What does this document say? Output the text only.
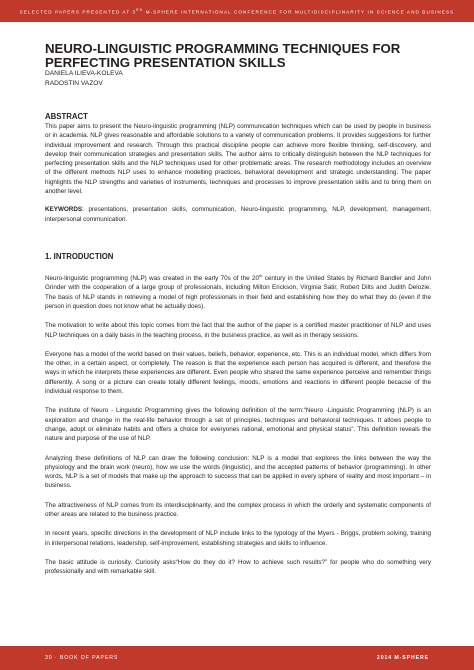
SELECTED PAPERS PRESENTED AT 3RD M-SPHERE INTERNATIONAL CONFERENCE FOR MULTIDISCIPLINARITY IN SCIENCE AND BUSINESS
NEURO-LINGUISTIC PROGRAMMING TECHNIQUES FOR
PERFECTING PRESENTATION SKILLS
DANIELA ILIEVA-KOLEVA
RADOSTIN VAZOV
ABSTRACT

This paper aims to present the Neuro-linguistic programming (NLP) communication techniques which can be used by people in business or in academia. NLP gives reasonable and affordable solutions to a variety of communication problems. It provides suggestions for further individual improvement and research. Through this practical discipline people can achieve more flexible thinking, self-discovery, and develop their communication strategies and presentation skills. The author aims to critically distinguish between the NLP techniques for perfecting presentation skills and the NLP techniques used for other problematic areas. The research methodology includes an overview of the different methods NLP uses to enhance modelling practices, behavioral development and strategic understanding. The paper highlights the NLP strengths and varieties of instruments, techniques and processes to improve presentation skills and to bring them on another level.

KEYWORDS: presentations, presentation skills, communication, Neuro-linguistic programming, NLP, development, management, interpersonal communication.

1. INTRODUCTION

Neuro-linguistic programming (NLP) was created in the early 70s of the 20th century in the United States by Richard Bandler and John Grinder with the cooperation of a large group of professionals, including Milton Erickson, Virginia Satir, Robert Dilts and Judith Delozie. The basis of NLP stands in retrieving a model of high professionals in their field and establishing how they do what they do (even if the person in question does not know what he actually does).

The motivation to write about this topic comes from the fact that the author of the paper is a certified master practitioner of NLP and uses NLP techniques on a daily basis in the teaching process, in the business practice, as well as in therapy sessions.

Everyone has a model of the world based on their values, beliefs, behavior, experience, etc. This is an individual model, which differs from the other, in a certain aspect, or completely. The reason is that the experience each person has acquired is different, and therefore the ways in which he interprets these experiences are different. Even people who shared the same experience perceive and remember things differently. A song or a picture can create totally different feelings, moods, emotions and reactions in different people because of the individual response to them.

The institute of Neuro - Linguistic Programming gives the following definition of the term:“Neuro -Linguistic Programming (NLP) is an exploration and change in the real-life behavior through a set of principles, techniques and behavioral techniques. It allows people to change, adopt or eliminate habits and offers a choice for everyones rational, emotional and physical status”. This definition reveals the nature and purpose of the use of NLP.

Analyzing these definitions of NLP can draw the following conclusion: NLP is a model that explores the links between the way the physiology and the brain work (neuro), how we use the words (linguistic), and the accepted patterns of behavior (programming). In other words, NLP is a set of models that make up the approach to success that can be applied in every sphere of reality and most important – in business.

The attractiveness of NLP comes from its interdisciplinarity, and the complex process in which the orderly and systematic components of other areas are related to the business practice.

In recent years, specific directions in the development of NLP include links to the typology of the Myers - Briggs, problem solving, training in interpersonal relations, leadership, self-improvement, establishing strategies and skills to influence.

The basic attitude is curiosity. Curiosity asks“How do they do it? How to achieve such results?” for people who do something very professionally and with remarkable skill.

30 · BOOK OF PAPERS	2014 M-SPHERE
